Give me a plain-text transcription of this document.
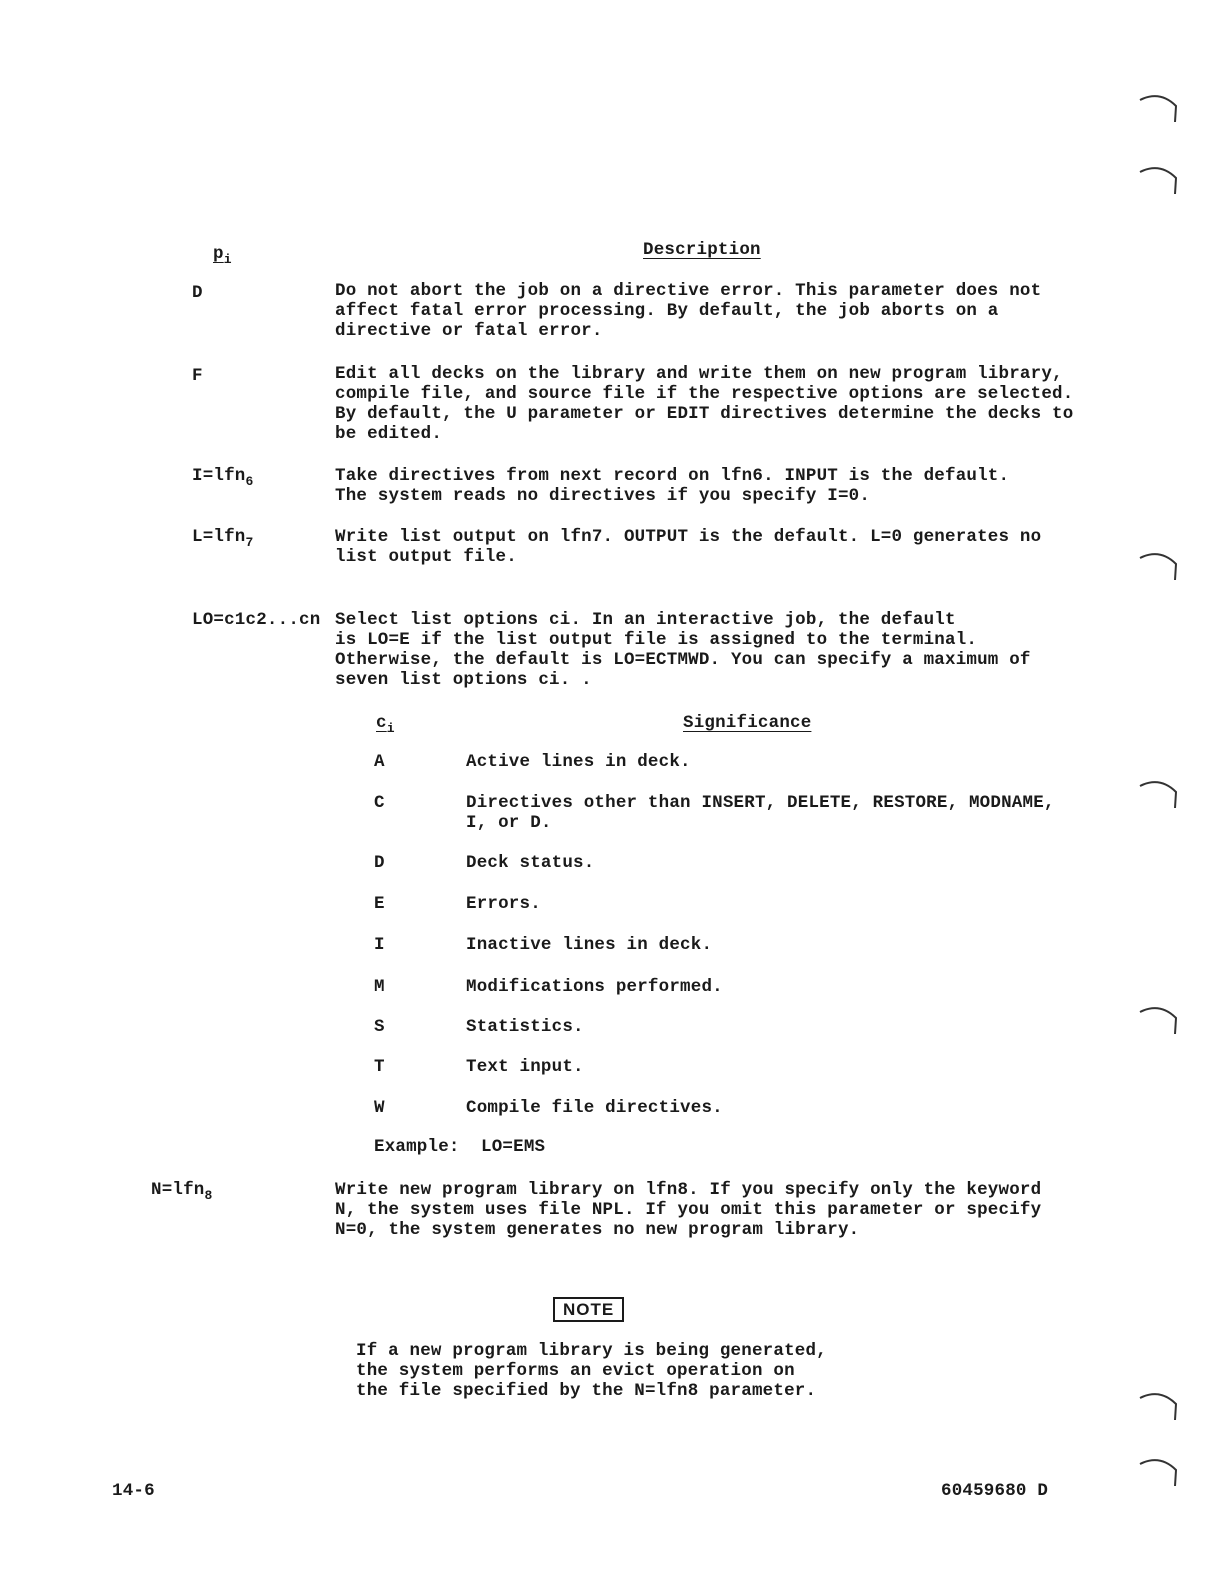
$p_i$	Description
D	Do not abort the job on a directive error. This parameter does not
affect fatal error processing. By default, the job aborts on a
directive or fatal error.
F	Edit all decks on the library and write them on new program library,
compile file, and source file if the respective options are selected.
By default, the U parameter or EDIT directives determine the decks to
be edited.
I=lfn$_6$	Take directives from next record on lfn6. INPUT is the default.
The system reads no directives if you specify I=0.
L=lfn$_7$	Write list output on lfn7. OUTPUT is the default. L=0 generates no
list output file.
LO=c1c2...cn Select list options ci. In an interactive job, the default
is LO=E if the list output file is assigned to the terminal.
Otherwise, the default is LO=ECTMWD. You can specify a maximum of
seven list options ci. .
$c_i$	Significance
A	Active lines in deck.
C	Directives other than INSERT, DELETE, RESTORE, MODNAME,
I, or D.
D	Deck status.
E	Errors.
I	Inactive lines in deck.
M	Modifications performed.
S	Statistics.
T	Text input.
W	Compile file directives.
Example: LO=EMS
N=lfn$_8$	Write new program library on lfn8. If you specify only the keyword
N, the system uses file NPL. If you omit this parameter or specify
N=0, the system generates no new program library.
NOTE
If a new program library is being generated,
the system performs an evict operation on
the file specified by the N=lfn8 parameter.
14-6	60459680 D
